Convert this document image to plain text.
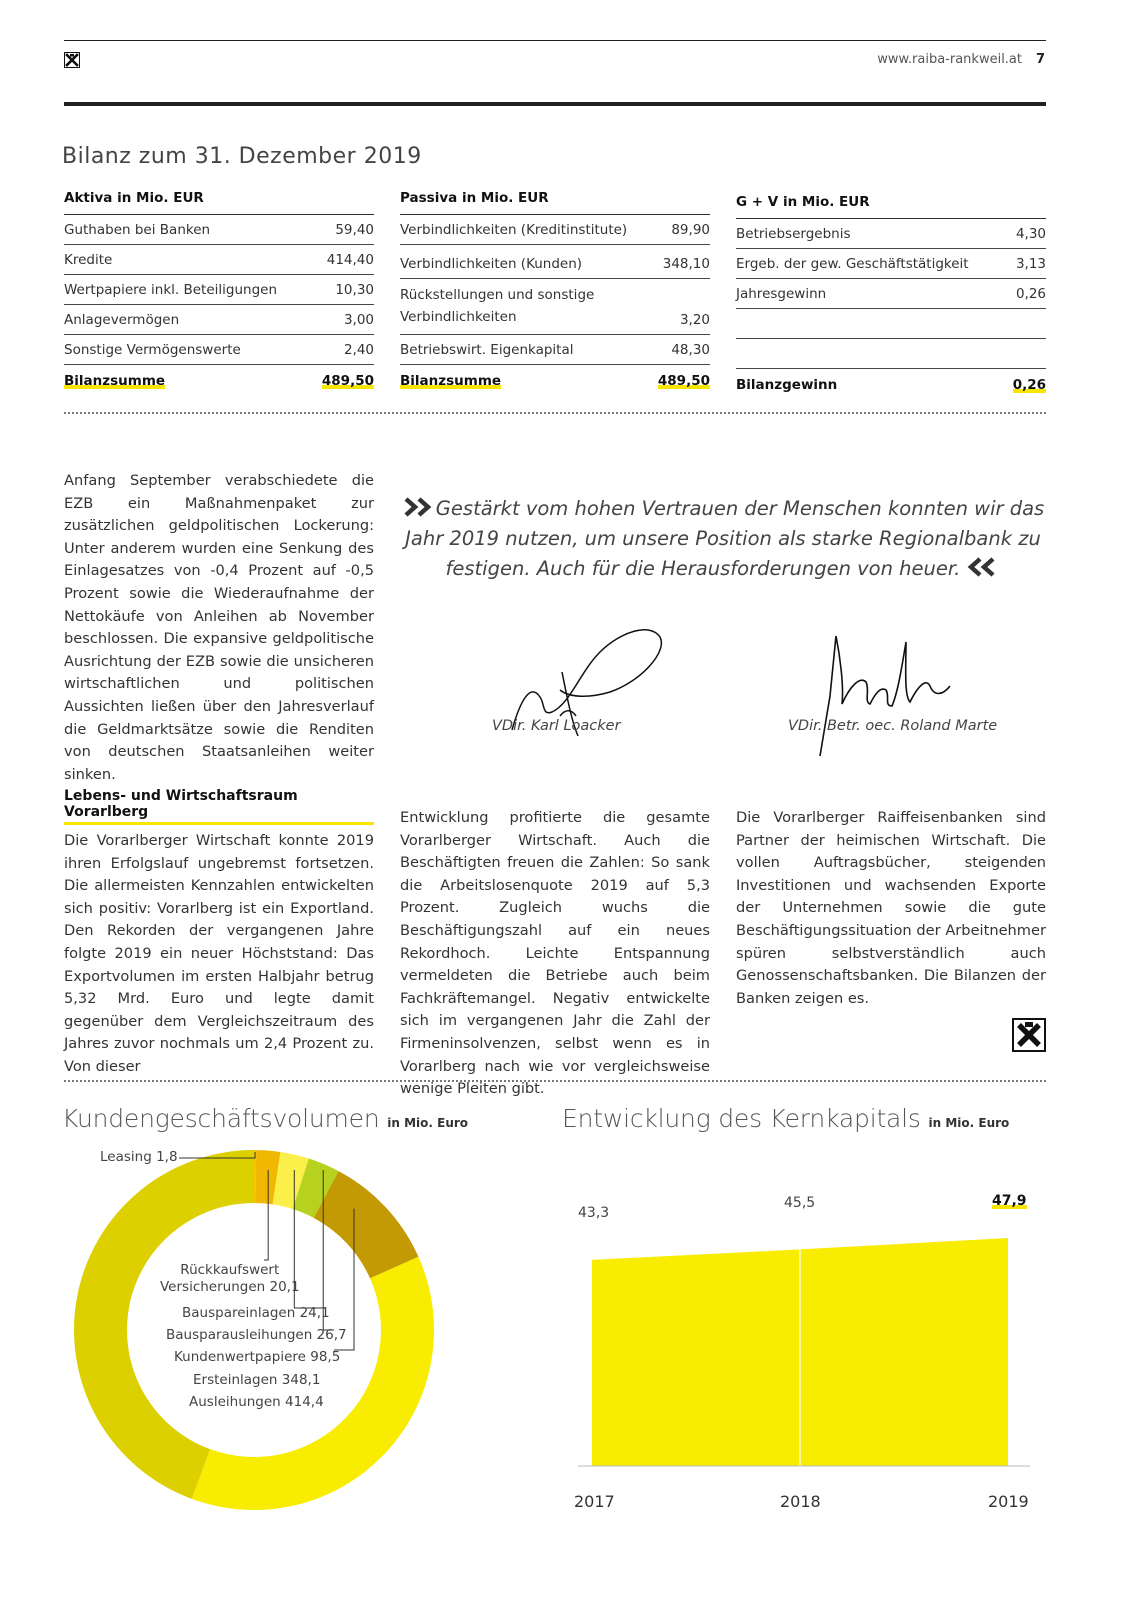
www.raiba-rankweil.at 7
Bilanz zum 31. Dezember 2019
Aktiva in Mio. EUR
Guthaben bei Banken	59,40
Kredite	414,40
Wertpapiere inkl. Beteiligungen	10,30
Anlagevermögen	3,00
Sonstige Vermögenswerte	2,40
Bilanzsumme	489,50
Passiva in Mio. EUR
Verbindlichkeiten (Kreditinstitute)	89,90
Verbindlichkeiten (Kunden)	348,10
Rückstellungen und sonstige
Verbindlichkeiten	3,20
Betriebswirt. Eigenkapital	48,30
Bilanzsumme	489,50
G + V in Mio. EUR
Betriebsergebnis	4,30
Ergeb. der gew. Geschäftstätigkeit	3,13
Jahresgewinn	0,26
Bilanzgewinn	0,26

Anfang September verabschiedete die EZB ein Maßnahmenpaket zur zusätzlichen geldpolitischen Lockerung: Unter anderem wurden eine Senkung des Einlagesatzes von -0,4 Prozent auf -0,5 Prozent sowie die Wiederaufnahme der Nettokäufe von Anleihen ab November beschlossen. Die expansive geldpolitische Ausrichtung der EZB sowie die unsicheren wirtschaftlichen und politischen Aussichten ließen über den Jahresverlauf die Geldmarktsätze sowie die Renditen von deutschen Staatsanleihen weiter sinken.

Gestärkt vom hohen Vertrauen der Menschen konnten wir das Jahr 2019 nutzen, um unsere Position als starke Regionalbank zu festigen. Auch für die Herausforderungen von heuer.
VDir. Karl Loacker	VDir. Betr. oec. Roland Marte
Lebens- und Wirtschaftsraum Vorarlberg

Die Vorarlberger Wirtschaft konnte 2019 ihren Erfolgslauf ungebremst fortsetzen. Die allermeisten Kennzahlen entwickelten sich positiv: Vorarlberg ist ein Exportland. Den Rekorden der vergangenen Jahre folgte 2019 ein neuer Höchststand: Das Exportvolumen im ersten Halbjahr betrug 5,32 Mrd. Euro und legte damit gegenüber dem Vergleichszeitraum des Jahres zuvor nochmals um 2,4 Prozent zu. Von dieser

Entwicklung profitierte die gesamte Vorarlberger Wirtschaft. Auch die Beschäftigten freuen die Zahlen: So sank die Arbeitslosenquote 2019 auf 5,3 Prozent. Zugleich wuchs die Beschäftigungszahl auf ein neues Rekordhoch. Leichte Entspannung vermeldeten die Betriebe auch beim Fachkräftemangel. Negativ entwickelte sich im vergangenen Jahr die Zahl der Firmeninsolvenzen, selbst wenn es in Vorarlberg nach wie vor vergleichsweise wenige Pleiten gibt.

Die Vorarlberger Raiffeisenbanken sind Partner der heimischen Wirtschaft. Die vollen Auftragsbücher, steigenden Investitionen und wachsenden Exporte der Unternehmen sowie die gute Beschäftigungssituation der Arbeitnehmer spüren selbstverständlich auch Genossenschaftsbanken. Die Bilanzen der Banken zeigen es.

Kundengeschäftsvolumen in Mio. Euro
Leasing 1,8
Rückkaufswert
Versicherungen 20,1
Bauspareinlagen 24,1
Bausparausleihungen 26,7
Kundenwertpapiere 98,5
Ersteinlagen 348,1
Ausleihungen 414,4
Entwicklung des Kernkapitals in Mio. Euro
43,3
45,5	47,9
2017	2018	2019
